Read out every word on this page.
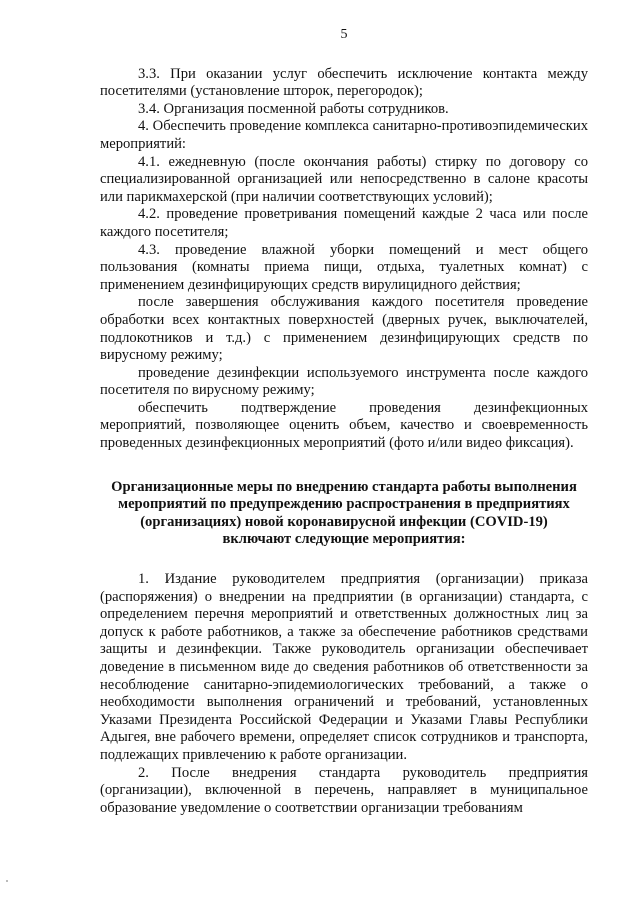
5

3.3. При оказании услуг обеспечить исключение контакта между посетителями (установление шторок, перегородок);

3.4. Организация посменной работы сотрудников.

4. Обеспечить проведение комплекса санитарно-противоэпидемических мероприятий:

4.1. ежедневную (после окончания работы) стирку по договору со специализированной организацией или непосредственно в салоне красоты или парикмахерской (при наличии соответствующих условий);

4.2. проведение проветривания помещений каждые 2 часа или после каждого посетителя;

4.3. проведение влажной уборки помещений и мест общего пользования (комнаты приема пищи, отдыха, туалетных комнат) с применением дезинфицирующих средств вирулицидного действия;

после завершения обслуживания каждого посетителя проведение обработки всех контактных поверхностей (дверных ручек, выключателей, подлокотников и т.д.) с применением дезинфицирующих средств по вирусному режиму;

проведение дезинфекции используемого инструмента после каждого посетителя по вирусному режиму;

обеспечить подтверждение проведения дезинфекционных мероприятий, позволяющее оценить объем, качество и своевременность проведенных дезинфекционных мероприятий (фото и/или видео фиксация).

Организационные меры по внедрению стандарта работы выполнения
мероприятий по предупреждению распространения в предприятиях
(организациях) новой коронавирусной инфекции (COVID-19)
включают следующие мероприятия:

1. Издание руководителем предприятия (организации) приказа (распоряжения) о внедрении на предприятии (в организации) стандарта, с определением перечня мероприятий и ответственных должностных лиц за допуск к работе работников, а также за обеспечение работников средствами защиты и дезинфекции. Также руководитель организации обеспечивает доведение в письменном виде до сведения работников об ответственности за несоблюдение санитарно-эпидемиологических требований, а также о необходимости выполнения ограничений и требований, установленных Указами Президента Российской Федерации и Указами Главы Республики Адыгея, вне рабочего времени, определяет список сотрудников и транспорта, подлежащих привлечению к работе организации.

2. После внедрения стандарта руководитель предприятия (организации), включенной в перечень, направляет в муниципальное образование уведомление о соответствии организации требованиям
